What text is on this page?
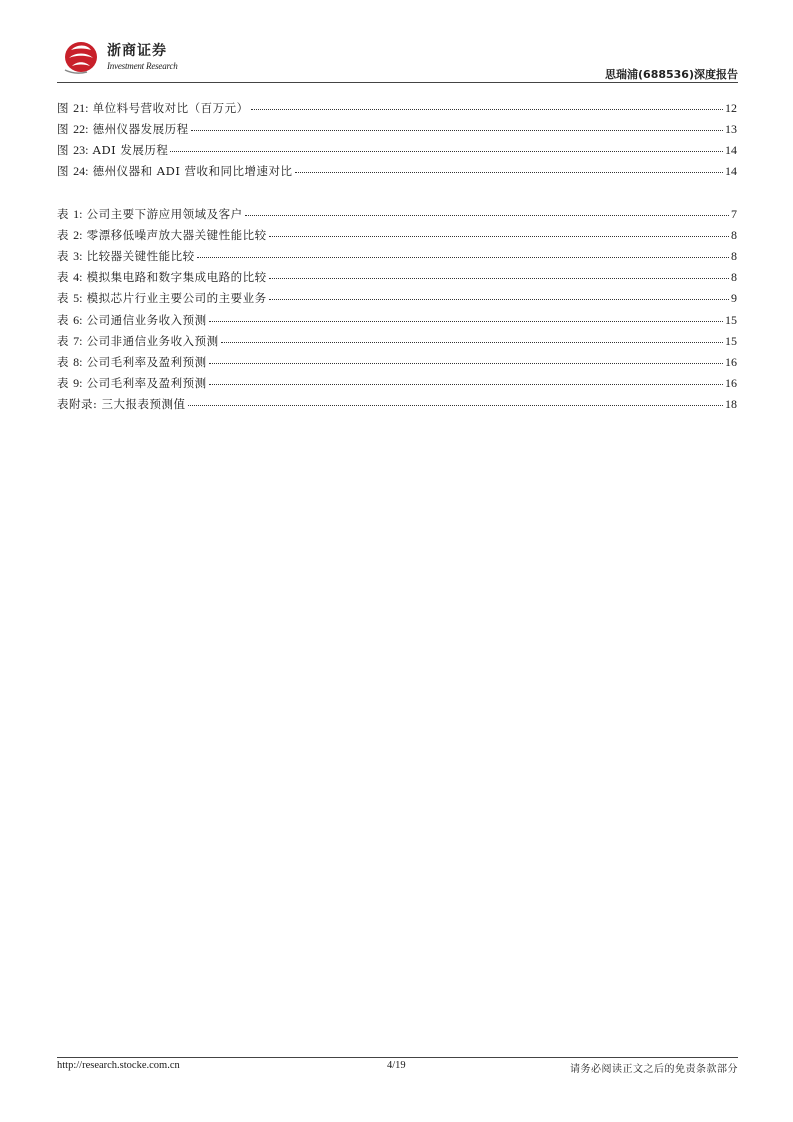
浙商证券
Investment Research
思瑞浦(688536)深度报告
图 21: 单位料号营收对比（百万元）	12
图 22: 德州仪器发展历程	13
图 23: ADI 发展历程	14
图 24: 德州仪器和 ADI 营收和同比增速对比	14
表 1: 公司主要下游应用领域及客户	7
表 2: 零漂移低噪声放大器关键性能比较	8
表 3: 比较器关键性能比较	8
表 4: 模拟集电路和数字集成电路的比较	8
表 5: 模拟芯片行业主要公司的主要业务	9
表 6: 公司通信业务收入预测	15
表 7: 公司非通信业务收入预测	15
表 8: 公司毛利率及盈利预测	16
表 9: 公司毛利率及盈利预测	16
表附录: 三大报表预测值	18
http://research.stocke.com.cn	4/19	请务必阅读正文之后的免责条款部分
